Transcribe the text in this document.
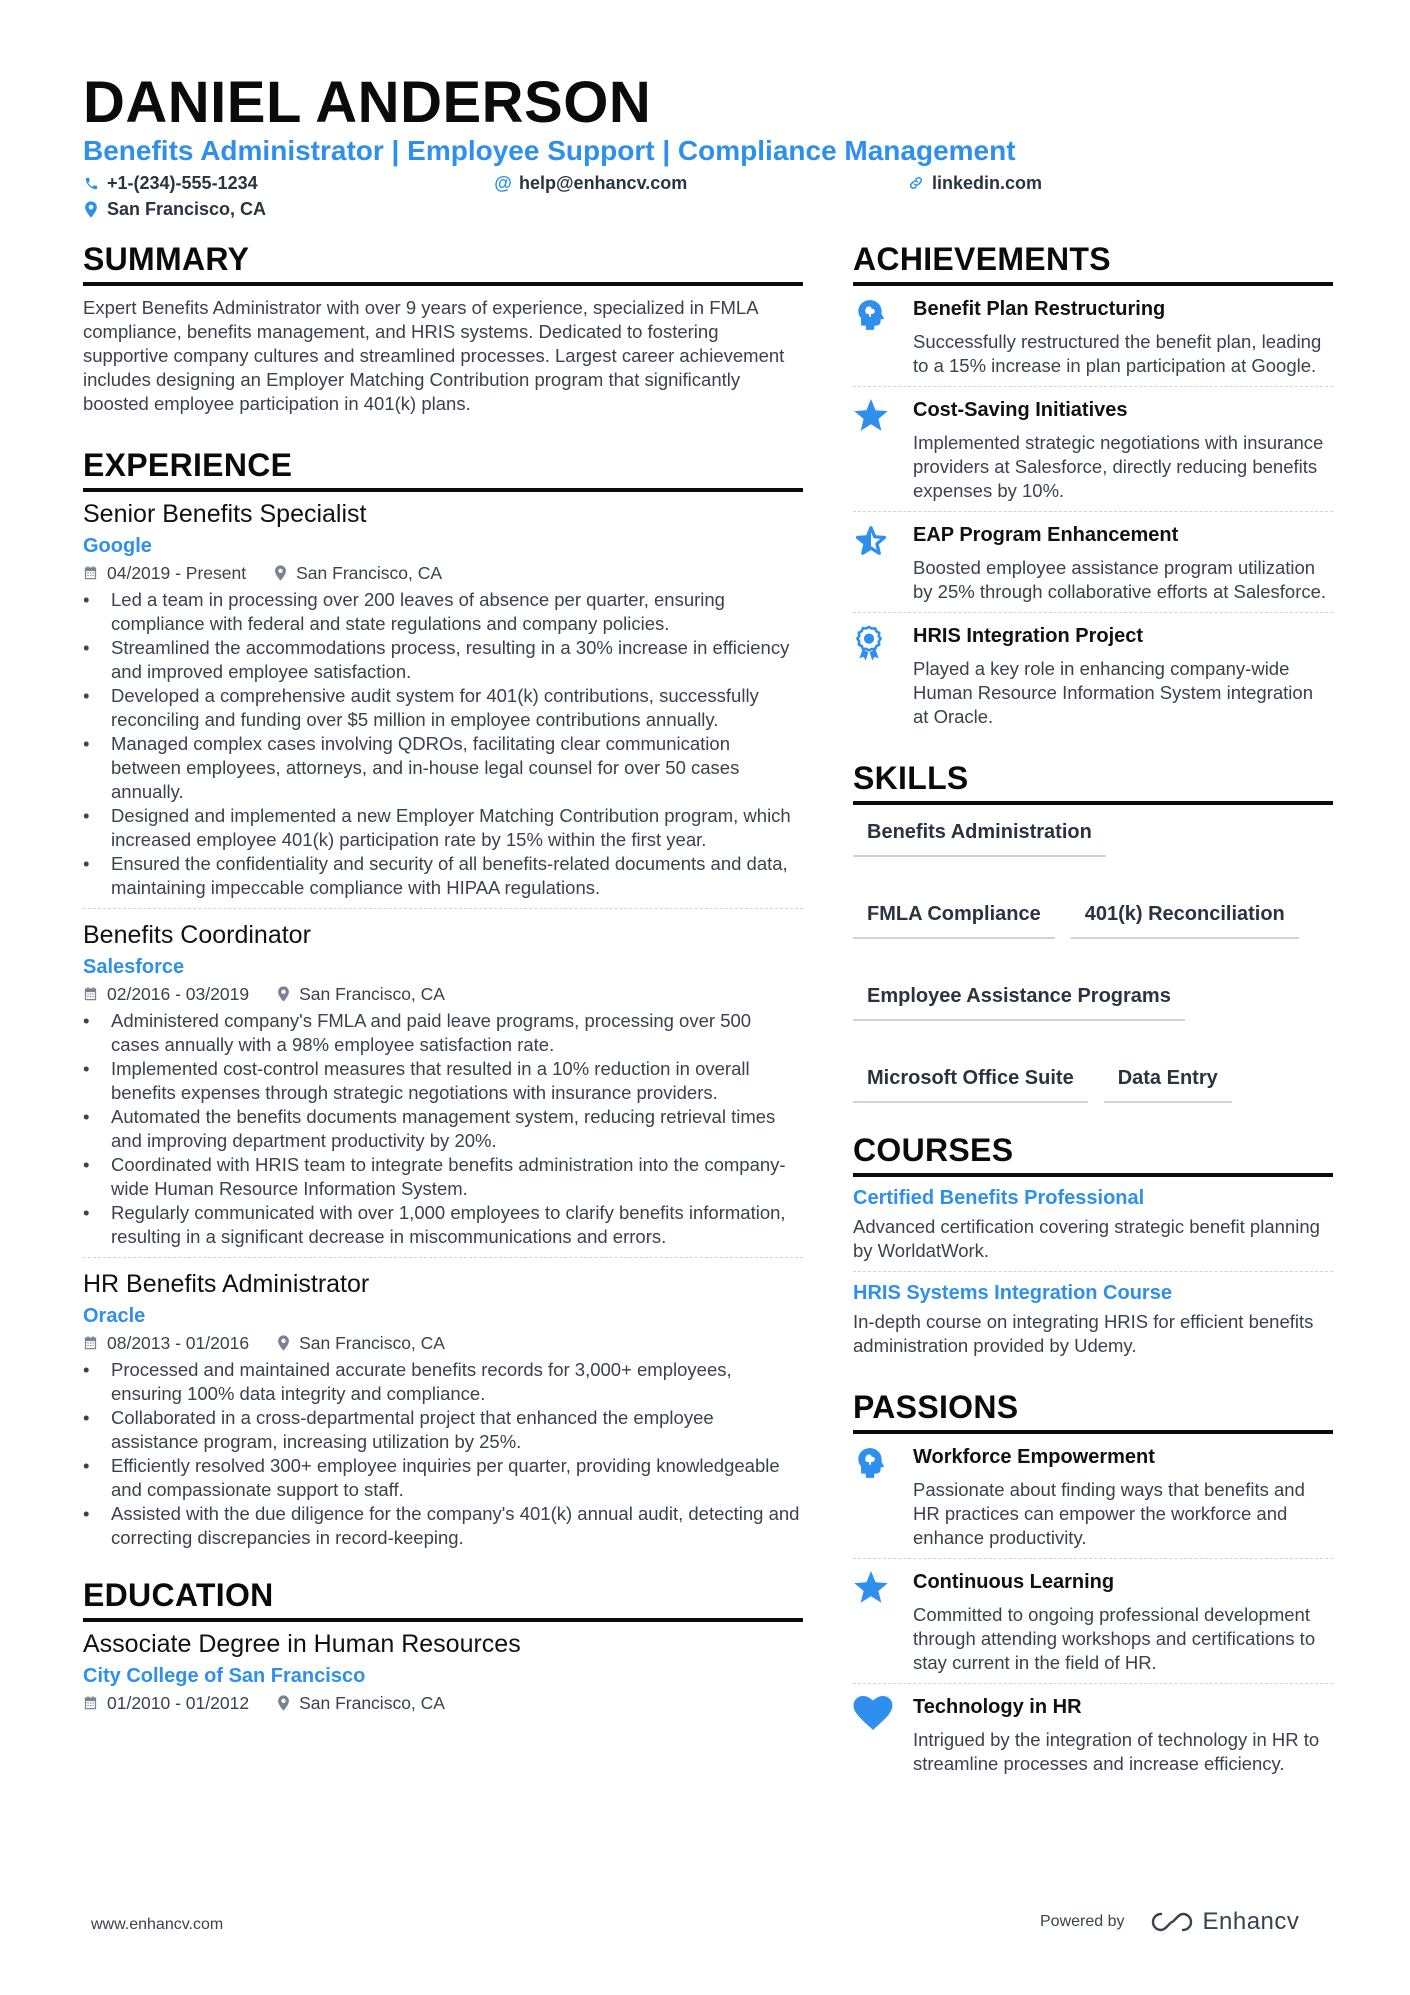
DANIEL ANDERSON
Benefits Administrator | Employee Support | Compliance Management
+1-(234)-555-1234	@ help@enhancv.com	linkedin.com
San Francisco, CA
SUMMARY

Expert Benefits Administrator with over 9 years of experience, specialized in FMLA compliance, benefits management, and HRIS systems. Dedicated to fostering supportive company cultures and streamlined processes. Largest career achievement includes designing an Employer Matching Contribution program that significantly boosted employee participation in 401(k) plans.

EXPERIENCE
Senior Benefits Specialist
Google
04/2019 - Present	San Francisco, CA
• Led a team in processing over 200 leaves of absence per quarter, ensuring compliance with federal and state regulations and company policies.
• Streamlined the accommodations process, resulting in a 30% increase in efficiency and improved employee satisfaction.
• Developed a comprehensive audit system for 401(k) contributions, successfully reconciling and funding over $5 million in employee contributions annually.
• Managed complex cases involving QDROs, facilitating clear communication between employees, attorneys, and in-house legal counsel for over 50 cases annually.
• Designed and implemented a new Employer Matching Contribution program, which increased employee 401(k) participation rate by 15% within the first year.
• Ensured the confidentiality and security of all benefits-related documents and data, maintaining impeccable compliance with HIPAA regulations.
Benefits Coordinator
Salesforce
02/2016 - 03/2019	San Francisco, CA
• Administered company's FMLA and paid leave programs, processing over 500 cases annually with a 98% employee satisfaction rate.
• Implemented cost-control measures that resulted in a 10% reduction in overall benefits expenses through strategic negotiations with insurance providers.
• Automated the benefits documents management system, reducing retrieval times and improving department productivity by 20%.
• Coordinated with HRIS team to integrate benefits administration into the company-wide Human Resource Information System.
• Regularly communicated with over 1,000 employees to clarify benefits information, resulting in a significant decrease in miscommunications and errors.
HR Benefits Administrator
Oracle
08/2013 - 01/2016	San Francisco, CA
• Processed and maintained accurate benefits records for 3,000+ employees, ensuring 100% data integrity and compliance.
• Collaborated in a cross-departmental project that enhanced the employee assistance program, increasing utilization by 25%.
• Efficiently resolved 300+ employee inquiries per quarter, providing knowledgeable and compassionate support to staff.
• Assisted with the due diligence for the company's 401(k) annual audit, detecting and correcting discrepancies in record-keeping.
EDUCATION
Associate Degree in Human Resources
City College of San Francisco
01/2010 - 01/2012	San Francisco, CA
ACHIEVEMENTS
Benefit Plan Restructuring
Successfully restructured the benefit plan, leading to a 15% increase in plan participation at Google.
Cost-Saving Initiatives
Implemented strategic negotiations with insurance providers at Salesforce, directly reducing benefits expenses by 10%.
EAP Program Enhancement
Boosted employee assistance program utilization by 25% through collaborative efforts at Salesforce.
HRIS Integration Project
Played a key role in enhancing company-wide Human Resource Information System integration at Oracle.
SKILLS
Benefits Administration
FMLA Compliance	401(k) Reconciliation
Employee Assistance Programs
Microsoft Office Suite	Data Entry
COURSES
Certified Benefits Professional
Advanced certification covering strategic benefit planning by WorldatWork.
HRIS Systems Integration Course
In-depth course on integrating HRIS for efficient benefits administration provided by Udemy.
PASSIONS
Workforce Empowerment
Passionate about finding ways that benefits and HR practices can empower the workforce and enhance productivity.
Continuous Learning
Committed to ongoing professional development through attending workshops and certifications to stay current in the field of HR.
Technology in HR
Intrigued by the integration of technology in HR to streamline processes and increase efficiency.
www.enhancv.com	Powered by	Enhancv
